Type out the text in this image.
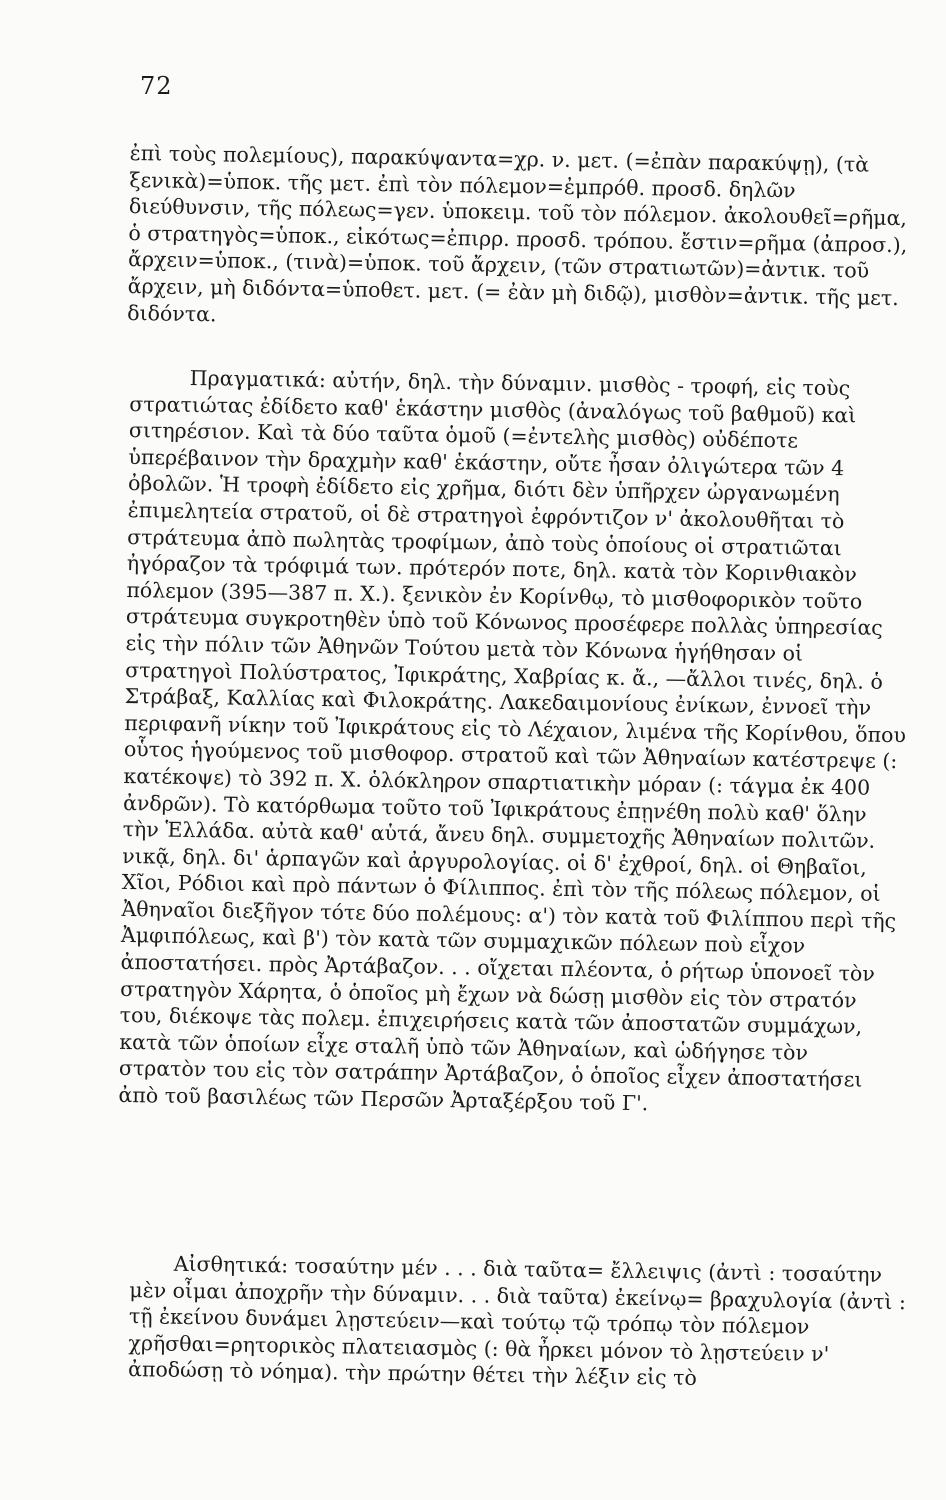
72

ἐπὶ τοὺς πολεμίους), παρακύψαντα=χρ. ν. μετ. (=ἐπὰν παρακύψῃ), (τὰ ξενικὰ)=ὑποκ. τῆς μετ. ἐπὶ τὸν πόλεμον=ἐμπρόθ. προσδ. δηλῶν διεύθυνσιν, τῆς πόλεως=γεν. ὑποκειμ. τοῦ τὸν πόλεμον. ἀκολουθεῖ=ρῆμα, ὁ στρατηγὸς=ὑποκ., εἰκότως=ἐπιρρ. προσδ. τρόπου. ἔστιν=ρῆμα (ἀπροσ.), ἄρχειν=ὑποκ., (τινὰ)=ὑποκ. τοῦ ἄρχειν, (τῶν στρατιωτῶν)=ἀντικ. τοῦ ἄρχειν, μὴ διδόντα=ὑποθετ. μετ. (= ἐὰν μὴ διδῷ), μισθὸν=ἀντικ. τῆς μετ. διδόντα.

Πραγματικά: αὐτήν, δηλ. τὴν δύναμιν. μισθὸς - τροφή, εἰς τοὺς στρατιώτας ἐδίδετο καθ' ἑκάστην μισθὸς (ἀναλόγως τοῦ βαθμοῦ) καὶ σιτηρέσιον. Καὶ τὰ δύο ταῦτα ὁμοῦ (=ἐντελὴς μισθὸς) οὐδέποτε ὑπερέβαινον τὴν δραχμὴν καθ' ἑκάστην, οὔτε ἦσαν ὀλιγώτερα τῶν 4 ὀβολῶν. Ἡ τροφὴ ἐδίδετο εἰς χρῆμα, διότι δὲν ὑπῆρχεν ὠργανωμένη ἐπιμελητεία στρατοῦ, οἱ δὲ στρατηγοὶ ἐφρόντιζον ν' ἀκολουθῆται τὸ στράτευμα ἀπὸ πωλητὰς τροφίμων, ἀπὸ τοὺς ὁποίους οἱ στρατιῶται ἠγόραζον τὰ τρόφιμά των. πρότερόν ποτε, δηλ. κατὰ τὸν Κορινθιακὸν πόλεμον (395—387 π. Χ.). ξενικὸν ἐν Κορίνθῳ, τὸ μισθοφορικὸν τοῦτο στράτευμα συγκροτηθὲν ὑπὸ τοῦ Κόνωνος προσέφερε πολλὰς ὑπηρεσίας εἰς τὴν πόλιν τῶν Ἀθηνῶν Τούτου μετὰ τὸν Κόνωνα ἡγήθησαν οἱ στρατηγοὶ Πολύστρατος, Ἰφικράτης, Χαβρίας κ. ἄ., —ἄλλοι τινές, δηλ. ὁ Στράβαξ, Καλλίας καὶ Φιλοκράτης. Λακεδαιμονίους ἐνίκων, ἐννοεῖ τὴν περιφανῆ νίκην τοῦ Ἰφικράτους εἰς τὸ Λέχαιον, λιμένα τῆς Κορίνθου, ὅπου οὗτος ἡγούμενος τοῦ μισθοφορ. στρατοῦ καὶ τῶν Ἀθηναίων κατέστρεψε (: κατέκοψε) τὸ 392 π. Χ. ὁλόκληρον σπαρτιατικὴν μόραν (: τάγμα ἐκ 400 ἀνδρῶν). Τὸ κατόρθωμα τοῦτο τοῦ Ἰφικράτους ἐπῃνέθη πολὺ καθ' ὅλην τὴν Ἑλλάδα. αὐτὰ καθ' αὑτά, ἄνευ δηλ. συμμετοχῆς Ἀθηναίων πολιτῶν. νικᾷ, δηλ. δι' ἁρπαγῶν καὶ ἀργυρολογίας. οἱ δ' ἐχθροί, δηλ. οἱ Θηβαῖοι, Χῖοι, Ρόδιοι καὶ πρὸ πάντων ὁ Φίλιππος. ἐπὶ τὸν τῆς πόλεως πόλεμον, οἱ Ἀθηναῖοι διεξῆγον τότε δύο πολέμους: α') τὸν κατὰ τοῦ Φιλίππου περὶ τῆς Ἀμφιπόλεως, καὶ β') τὸν κατὰ τῶν συμμαχικῶν πόλεων ποὺ εἶχον ἀποστατήσει. πρὸς Ἀρτάβαζον. . . οἴχεται πλέοντα, ὁ ρήτωρ ὑπονοεῖ τὸν στρατηγὸν Χάρητα, ὁ ὁποῖος μὴ ἔχων νὰ δώσῃ μισθὸν εἰς τὸν στρατόν του, διέκοψε τὰς πολεμ. ἐπιχειρήσεις κατὰ τῶν ἀποστατῶν συμμάχων, κατὰ τῶν ὁποίων εἶχε σταλῆ ὑπὸ τῶν Ἀθηναίων, καὶ ὡδήγησε τὸν στρατὸν του εἰς τὸν σατράπην Ἀρτάβαζον, ὁ ὁποῖος εἶχεν ἀποστατήσει ἀπὸ τοῦ βασιλέως τῶν Περσῶν Ἀρταξέρξου τοῦ Γ'.

Αἰσθητικά: τοσαύτην μέν . . . διὰ ταῦτα= ἔλλειψις (ἀντὶ : τοσαύτην μὲν οἶμαι ἀποχρῆν τὴν δύναμιν. . . διὰ ταῦτα) ἐκείνῳ= βραχυλογία (ἀντὶ : τῇ ἐκείνου δυνάμει λῃστεύειν—καὶ τούτῳ τῷ τρόπῳ τὸν πόλεμον χρῆσθαι=ρητορικὸς πλατειασμὸς (: θὰ ἦρκει μόνον τὸ λῃστεύειν ν' ἀποδώσῃ τὸ νόημα). τὴν πρώτην θέτει τὴν λέξιν εἰς τὸ
